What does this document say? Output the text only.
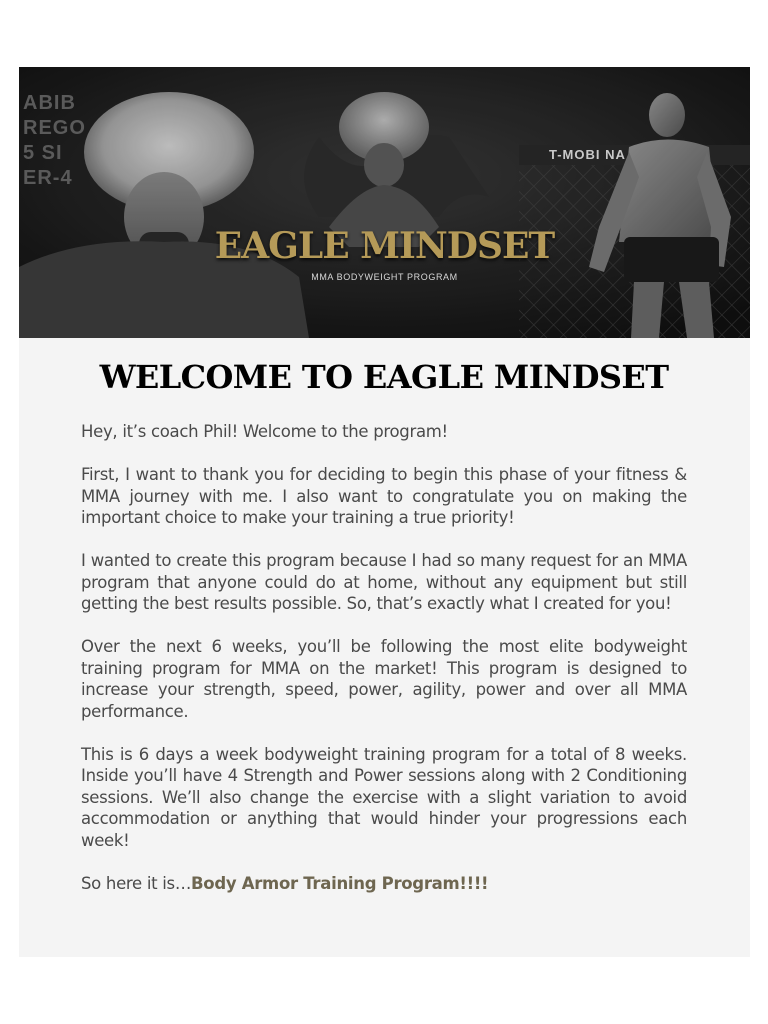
ABIB
REGO
5 SI
ER-4
T-MOBI NA
EAGLE MINDSET
MMA BODYWEIGHT PROGRAM
WELCOME TO EAGLE MINDSET

Hey, it’s coach Phil! Welcome to the program!

First, I want to thank you for deciding to begin this phase of your fitness & MMA journey with me. I also want to congratulate you on making the important choice to make your training a true priority!

I wanted to create this program because I had so many request for an MMA program that anyone could do at home, without any equipment but still getting the best results possible. So, that’s exactly what I created for you!

Over the next 6 weeks, you’ll be following the most elite bodyweight training program for MMA on the market! This program is designed to increase your strength, speed, power, agility, power and over all MMA performance.

This is 6 days a week bodyweight training program for a total of 8 weeks. Inside you’ll have 4 Strength and Power sessions along with 2 Conditioning sessions. We’ll also change the exercise with a slight variation to avoid accommodation or anything that would hinder your progressions each week!

So here it is…Body Armor Training Program!!!!
